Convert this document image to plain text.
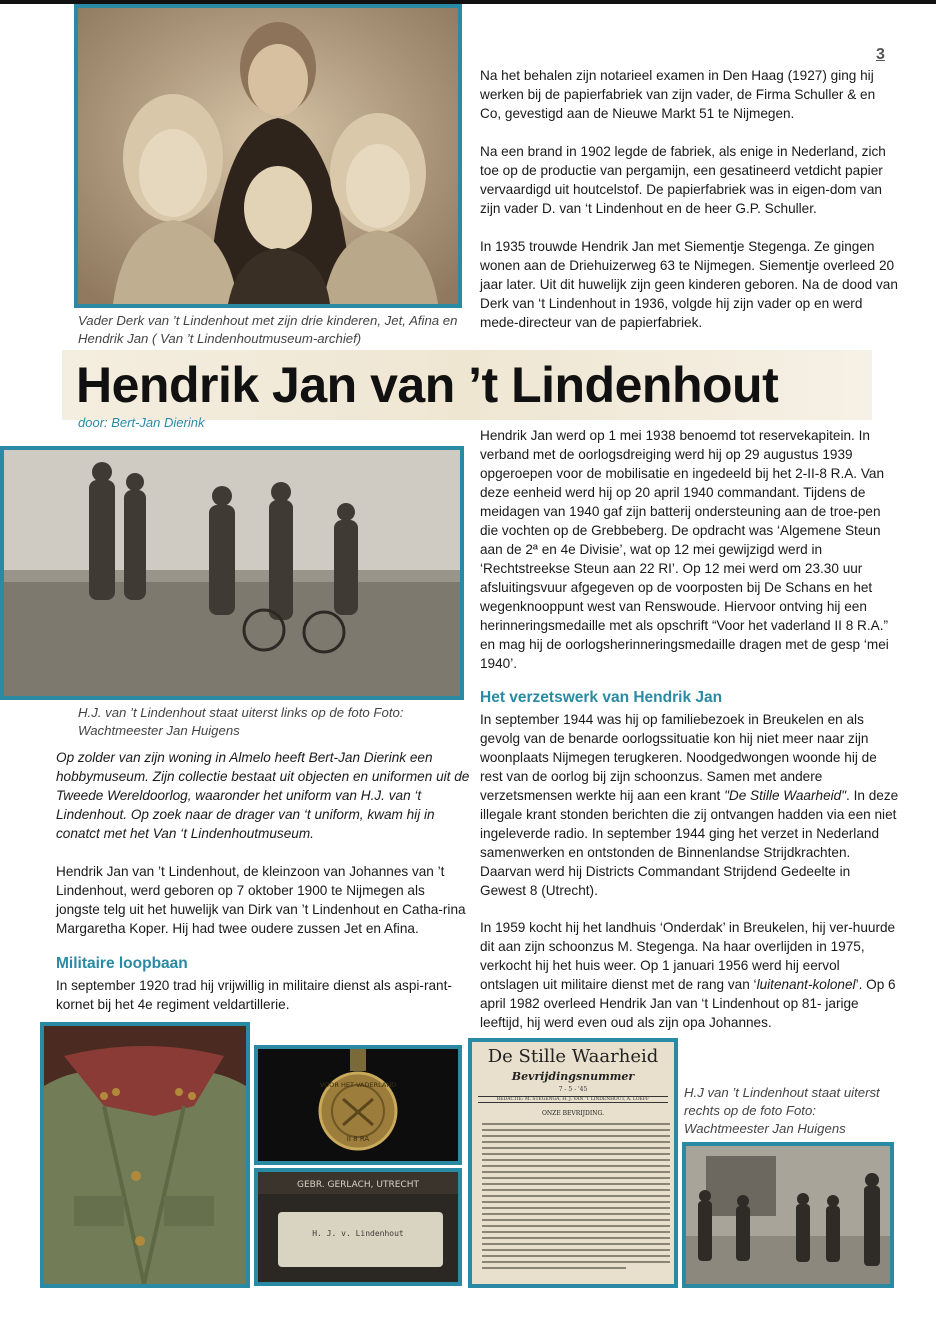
3

Vader Derk van ’t Lindenhout met zijn drie kinderen, Jet, Afina en Hendrik Jan ( Van ’t Lindenhoutmuseum-archief)

Na het behalen zijn notarieel examen in Den Haag (1927) ging hij werken bij de papierfabriek van zijn vader, de Firma Schuller & en Co, gevestigd aan de Nieuwe Markt 51 te Nijmegen.

Na een brand in 1902 legde de fabriek, als enige in Nederland, zich toe op de productie van pergamijn, een gesatineerd vetdicht papier vervaardigd uit houtcelstof. De papierfabriek was in eigen-dom van zijn vader D. van ‘t Lindenhout en de heer G.P. Schuller.

In 1935 trouwde Hendrik Jan met Siementje Stegenga. Ze gingen wonen aan de Driehuizerweg 63 te Nijmegen. Siementje overleed 20 jaar later. Uit dit huwelijk zijn geen kinderen geboren. Na de dood van Derk van ‘t Lindenhout in 1936, volgde hij zijn vader op en werd mede-directeur van de papierfabriek.

Hendrik Jan van ’t Lindenhout
door: Bert-Jan Dierink

H.J. van ’t Lindenhout staat uiterst links op de foto Foto: Wachtmeester Jan Huigens

Op zolder van zijn woning in Almelo heeft Bert-Jan Dierink een hobbymuseum. Zijn collectie bestaat uit objecten en uniformen uit de Tweede Wereldoorlog, waaronder het uniform van H.J. van ‘t Lindenhout. Op zoek naar de drager van ‘t uniform, kwam hij in conatct met het Van ‘t Lindenhoutmuseum.

Hendrik Jan van ’t Lindenhout, de kleinzoon van Johannes van ’t Lindenhout, werd geboren op 7 oktober 1900 te Nijmegen als jongste telg uit het huwelijk van Dirk van ’t Lindenhout en Catha-rina Margaretha Koper. Hij had twee oudere zussen Jet en Afina.

Militaire loopbaan

In september 1920 trad hij vrijwillig in militaire dienst als aspi-rant-kornet bij het 4e regiment veldartillerie.

Hendrik Jan werd op 1 mei 1938 benoemd tot reservekapitein. In verband met de oorlogsdreiging werd hij op 29 augustus 1939 opgeroepen voor de mobilisatie en ingedeeld bij het 2-II-8 R.A. Van deze eenheid werd hij op 20 april 1940 commandant. Tijdens de meidagen van 1940 gaf zijn batterij ondersteuning aan de troe-pen die vochten op de Grebbeberg. De opdracht was ‘Algemene Steun aan de 2ª en 4e Divisie’, wat op 12 mei gewijzigd werd in ‘Rechtstreekse Steun aan 22 RI’. Op 12 mei werd om 23.30 uur afsluitingsvuur afgegeven op de voorposten bij De Schans en het wegenknooppunt west van Renswoude. Hiervoor ontving hij een herinneringsmedaille met als opschrift “Voor het vaderland II 8 R.A.” en mag hij de oorlogsherinneringsmedaille dragen met de gesp ‘mei 1940’.

Het verzetswerk van Hendrik Jan

In september 1944 was hij op familiebezoek in Breukelen en als gevolg van de benarde oorlogssituatie kon hij niet meer naar zijn woonplaats Nijmegen terugkeren. Noodgedwongen woonde hij de rest van de oorlog bij zijn schoonzus. Samen met andere verzetsmensen werkte hij aan een krant "De Stille Waarheid". In deze illegale krant stonden berichten die zij ontvangen hadden via een niet ingeleverde radio. In september 1944 ging het verzet in Nederland samenwerken en ontstonden de Binnenlandse Strijdkrachten. Daarvan werd hij Districts Commandant Strijdend Gedeelte in Gewest 8 (Utrecht).

In 1959 kocht hij het landhuis ‘Onderdak’ in Breukelen, hij ver-huurde dit aan zijn schoonzus M. Stegenga. Na haar overlijden in 1975, verkocht hij het huis weer. Op 1 januari 1956 werd hij eervol ontslagen uit militaire dienst met de rang van ‘luitenant-kolonel’. Op 6 april 1982 overleed Hendrik Jan van ‘t Lindenhout op 81- jarige leeftijd, hij werd even oud als zijn opa Johannes.

VOOR HET VADERLAND
II 8 RA
GEBR. GERLACH, UTRECHT
H. J. v. Lindenhout
De Stille Waarheid
Bevrijdingsnummer
7 - 5 - '45
REDACTIE: M. STEGENGA, H. J. VAN 'T LINDENHOUT, A. LOEFF
ONZE BEVRIJDING.

H.J van ’t Lindenhout staat uiterst rechts op de foto Foto: Wachtmeester Jan Huigens
